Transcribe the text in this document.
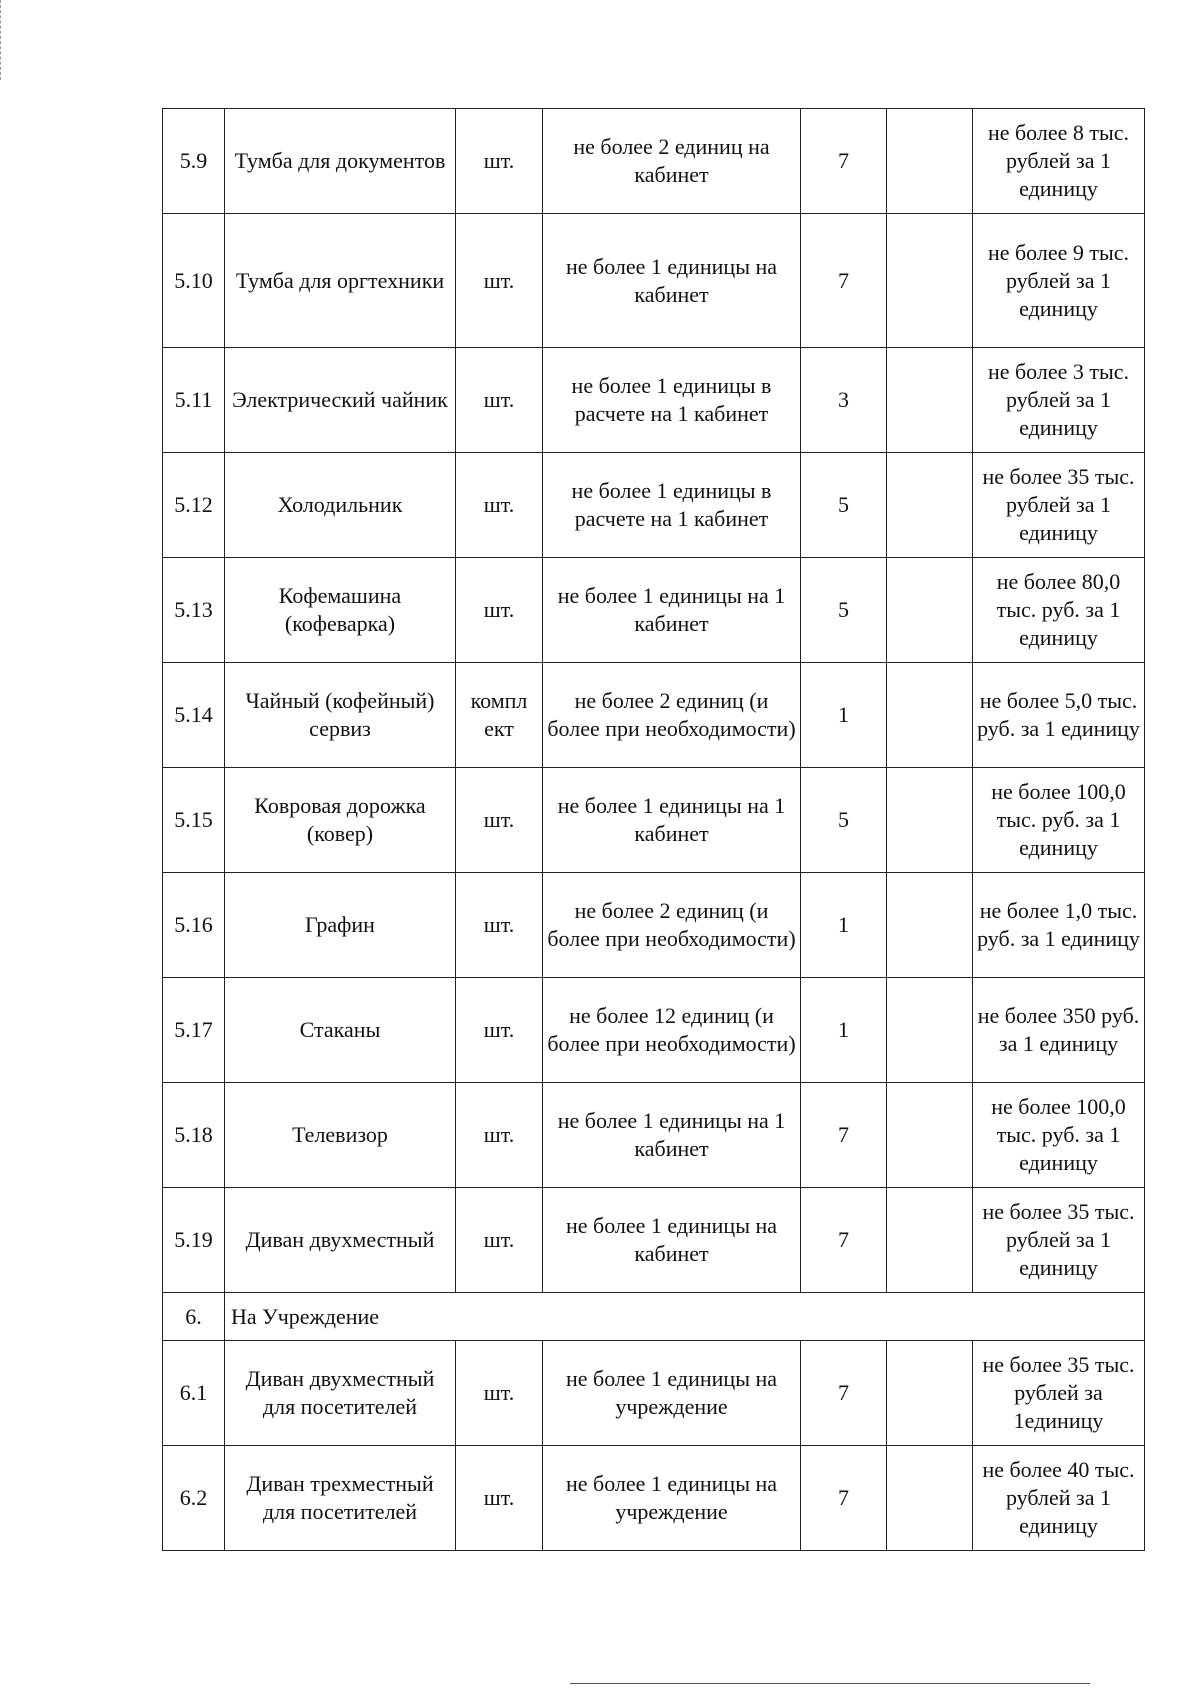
5.9	Тумба для документов	шт.	не более 2 единиц на кабинет	7		не более 8 тыс. рублей за 1 единицу
5.10	Тумба для оргтехники	шт.	не более 1 единицы на кабинет	7		не более 9 тыс. рублей за 1 единицу
5.11	Электрический чайник	шт.	не более 1 единицы в расчете на 1 кабинет	3		не более 3 тыс. рублей за 1 единицу
5.12	Холодильник	шт.	не более 1 единицы в расчете на 1 кабинет	5		не более 35 тыс. рублей за 1 единицу
5.13	Кофемашина (кофеварка)	шт.	не более 1 единицы на 1 кабинет	5		не более 80,0 тыс. руб. за 1 единицу
5.14	Чайный (кофейный) сервиз	компл ект	не более 2 единиц (и более при необходимости)	1		не более 5,0 тыс. руб. за 1 единицу
5.15	Ковровая дорожка (ковер)	шт.	не более 1 единицы на 1 кабинет	5		не более 100,0 тыс. руб. за 1 единицу
5.16	Графин	шт.	не более 2 единиц (и более при необходимости)	1		не более 1,0 тыс. руб. за 1 единицу
5.17	Стаканы	шт.	не более 12 единиц (и более при необходимости)	1		не более 350 руб. за 1 единицу
5.18	Телевизор	шт.	не более 1 единицы на 1 кабинет	7		не более 100,0 тыс. руб. за 1 единицу
5.19	Диван двухместный	шт.	не более 1 единицы на кабинет	7		не более 35 тыс. рублей за 1 единицу
6.	На Учреждение					
6.1	Диван двухместный для посетителей	шт.	не более 1 единицы на учреждение	7		не более 35 тыс. рублей за 1единицу
6.2	Диван трехместный для посетителей	шт.	не более 1 единицы на учреждение	7		не более 40 тыс. рублей за 1 единицу
